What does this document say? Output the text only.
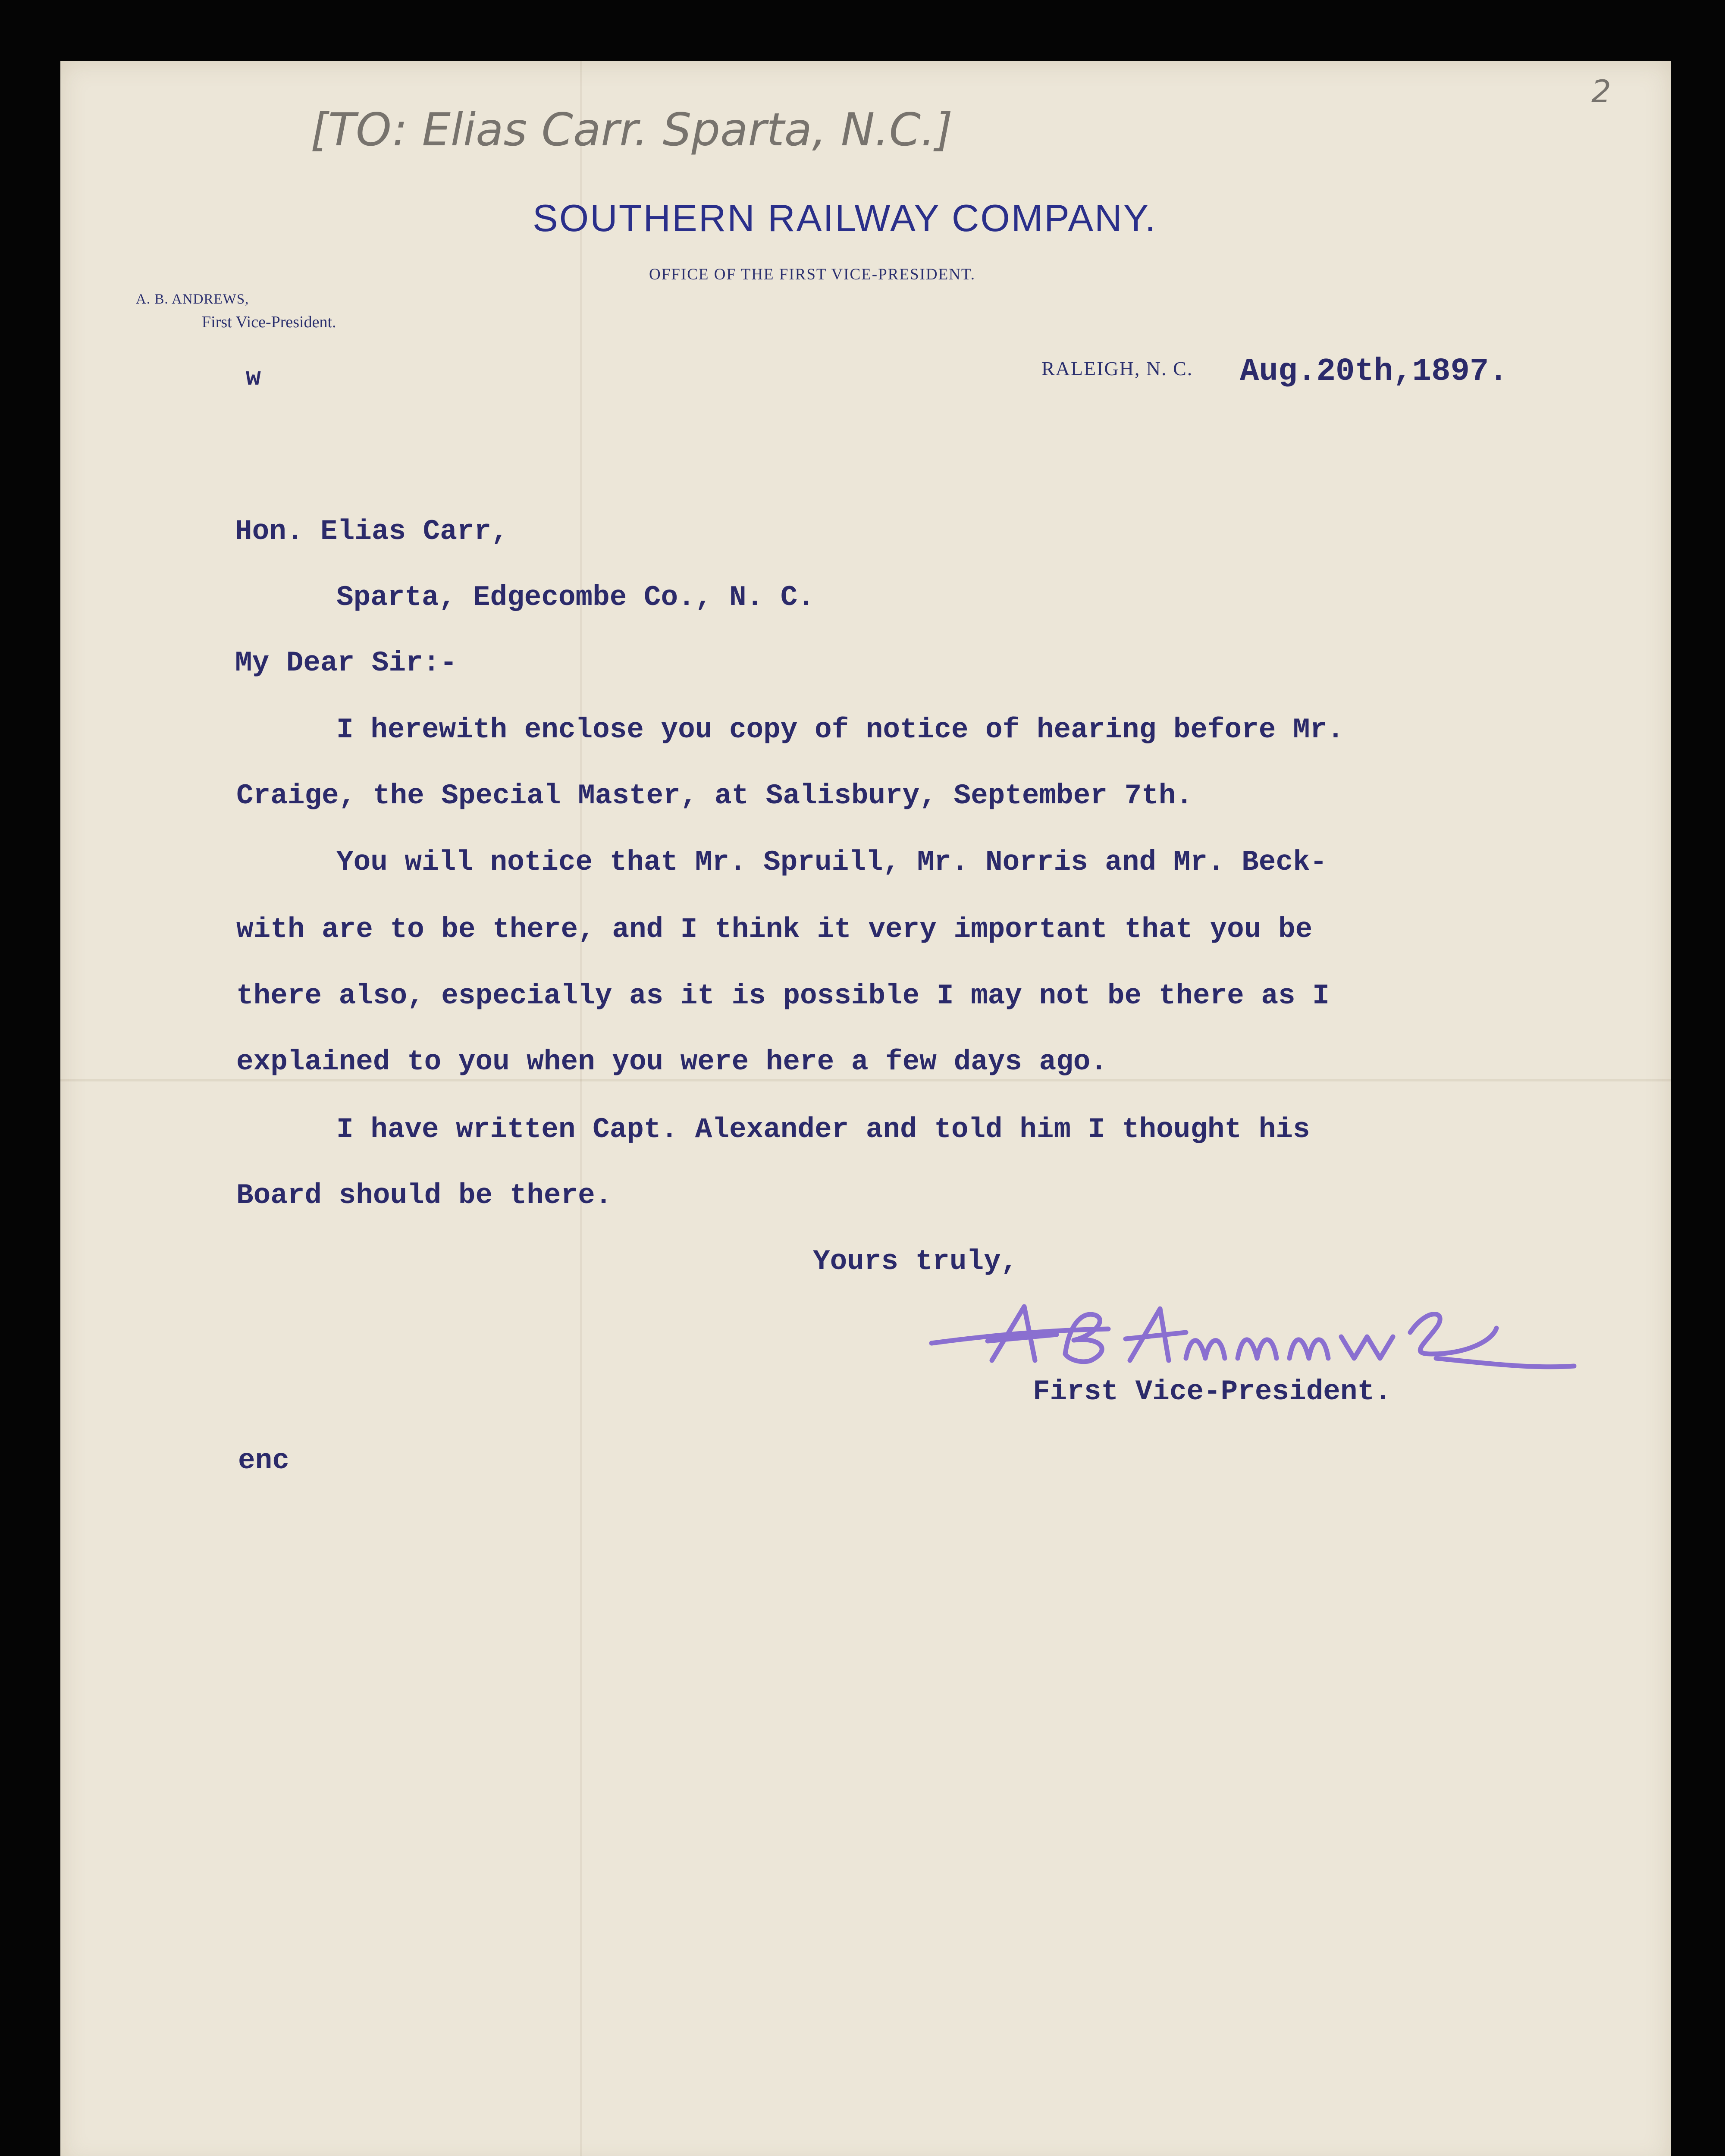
[TO: Elias Carr. Sparta, N.C.]
2
SOUTHERN RAILWAY COMPANY.
OFFICE OF THE FIRST VICE-PRESIDENT.
A. B. ANDREWS,
First Vice-President.
RALEIGH, N. C.
w	Aug.20th,1897.
Hon. Elias Carr,
Sparta, Edgecombe Co., N. C.
My Dear Sir:-
I herewith enclose you copy of notice of hearing before Mr.
Craige, the Special Master, at Salisbury, September 7th.
You will notice that Mr. Spruill, Mr. Norris and Mr. Beck-
with are to be there, and I think it very important that you be
there also, especially as it is possible I may not be there as I
explained to you when you were here a few days ago.
I have written Capt. Alexander and told him I thought his
Board should be there.
Yours truly,
First Vice-President.
enc
